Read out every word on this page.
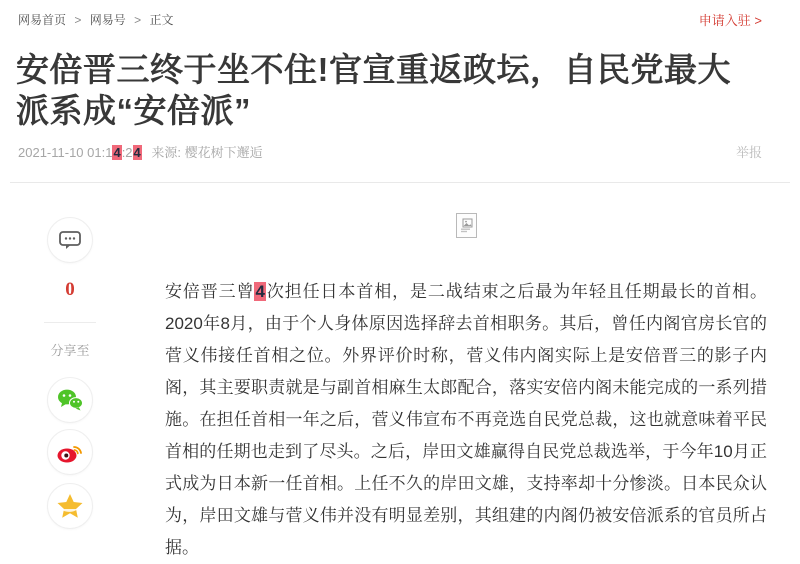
网易首页 > 网易号 > 正文	申请入驻 >
安倍晋三终于坐不住!官宣重返政坛，自民党最大派系成“安倍派”
2021-11-10 01:14:24 来源: 樱花树下邂逅	举报
0
分享至

安倍晋三曾4次担任日本首相，是二战结束之后最为年轻且任期最长的首相。2020年8月，由于个人身体原因选择辞去首相职务。其后，曾任内阁官房长官的菅义伟接任首相之位。外界评价时称，菅义伟内阁实际上是安倍晋三的影子内阁，其主要职责就是与副首相麻生太郎配合，落实安倍内阁未能完成的一系列措施。在担任首相一年之后，菅义伟宣布不再竞选自民党总裁，这也就意味着平民首相的任期也走到了尽头。之后，岸田文雄赢得自民党总裁选举，于今年10月正式成为日本新一任首相。上任不久的岸田文雄，支持率却十分惨淡。日本民众认为，岸田文雄与菅义伟并没有明显差别，其组建的内阁仍被安倍派系的官员所占据。
